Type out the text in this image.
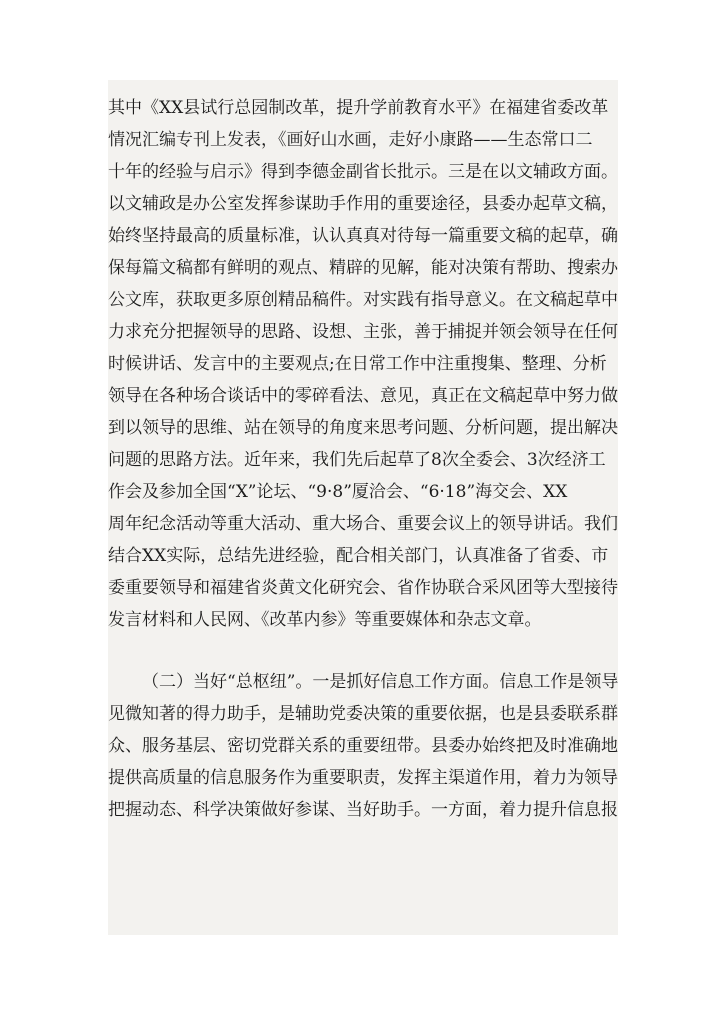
其中《XX县试行总园制改革，提升学前教育水平》在福建省委改革
情况汇编专刊上发表，《画好山水画，走好小康路——生态常口二
十年的经验与启示》得到李德金副省长批示。三是在以文辅政方面。
以文辅政是办公室发挥参谋助手作用的重要途径，县委办起草文稿，
始终坚持最高的质量标准，认认真真对待每一篇重要文稿的起草，确
保每篇文稿都有鲜明的观点、精辟的见解，能对决策有帮助、搜索办
公文库，获取更多原创精品稿件。对实践有指导意义。在文稿起草中
力求充分把握领导的思路、设想、主张，善于捕捉并领会领导在任何
时候讲话、发言中的主要观点;在日常工作中注重搜集、整理、分析
领导在各种场合谈话中的零碎看法、意见，真正在文稿起草中努力做
到以领导的思维、站在领导的角度来思考问题、分析问题，提出解决
问题的思路方法。近年来，我们先后起草了8次全委会、3次经济工
作会及参加全国“X”论坛、“9·8”厦洽会、“6·18”海交会、XX
周年纪念活动等重大活动、重大场合、重要会议上的领导讲话。我们
结合XX实际，总结先进经验，配合相关部门，认真准备了省委、市
委重要领导和福建省炎黄文化研究会、省作协联合采风团等大型接待
发言材料和人民网、《改革内参》等重要媒体和杂志文章。
（二）当好“总枢纽”。一是抓好信息工作方面。信息工作是领导
见微知著的得力助手，是辅助党委决策的重要依据，也是县委联系群
众、服务基层、密切党群关系的重要纽带。县委办始终把及时准确地
提供高质量的信息服务作为重要职责，发挥主渠道作用，着力为领导
把握动态、科学决策做好参谋、当好助手。一方面，着力提升信息报
